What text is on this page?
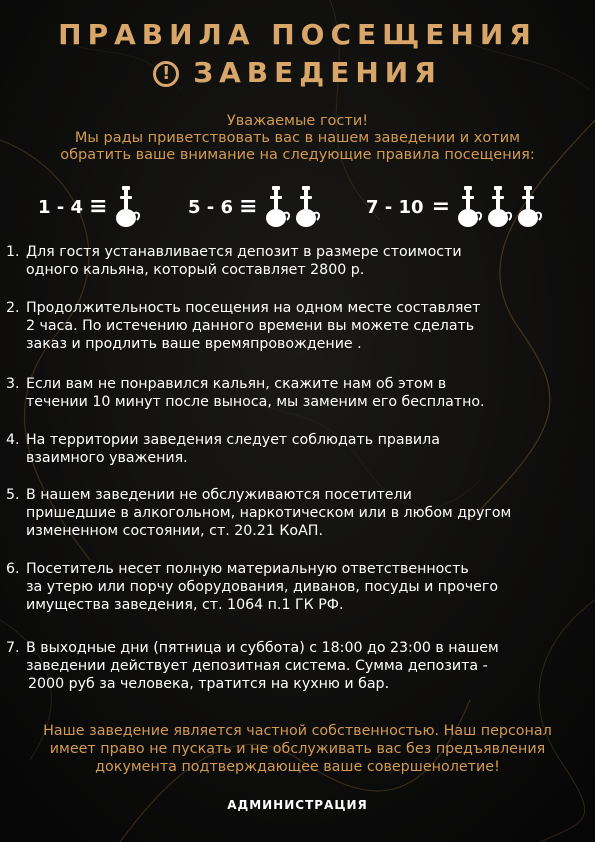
ПРАВИЛА ПОСЕЩЕНИЯ
! ЗАВЕДЕНИЯ
Уважаемые гости!
Мы рады приветствовать вас в нашем заведении и хотим
обратить ваше внимание на следующие правила посещения:
1 - 4 ≡	5 - 6 ≡	7 - 10 =
1. Для гостя устанавливается депозит в размере стоимости
одного кальяна, который составляет 2800 р.
2. Продолжительность посещения на одном месте составляет
2 часа. По истечению данного времени вы можете сделать
заказ и продлить ваше времяпровождение .
3. Если вам не понравился кальян, скажите нам об этом в
течении 10 минут после выноса, мы заменим его бесплатно.
4. На территории заведения следует соблюдать правила
взаимного уважения.
5. В нашем заведении не обслуживаются посетители
пришедшие в алкогольном, наркотическом или в любом другом
измененном состоянии, ст. 20.21 КоАП.
6. Посетитель несет полную материальную ответственность
за утерю или порчу оборудования, диванов, посуды и прочего
имущества заведения, ст. 1064 п.1 ГК РФ.
7. В выходные дни (пятница и суббота) с 18:00 до 23:00 в нашем
заведении действует депозитная система. Сумма депозита -
2000 руб за человека, тратится на кухню и бар.
Наше заведение является частной собственностью. Наш персонал
имеет право не пускать и не обслуживать вас без предъявления
документа подтверждающее ваше совершенолетие!
АДМИНИСТРАЦИЯ
